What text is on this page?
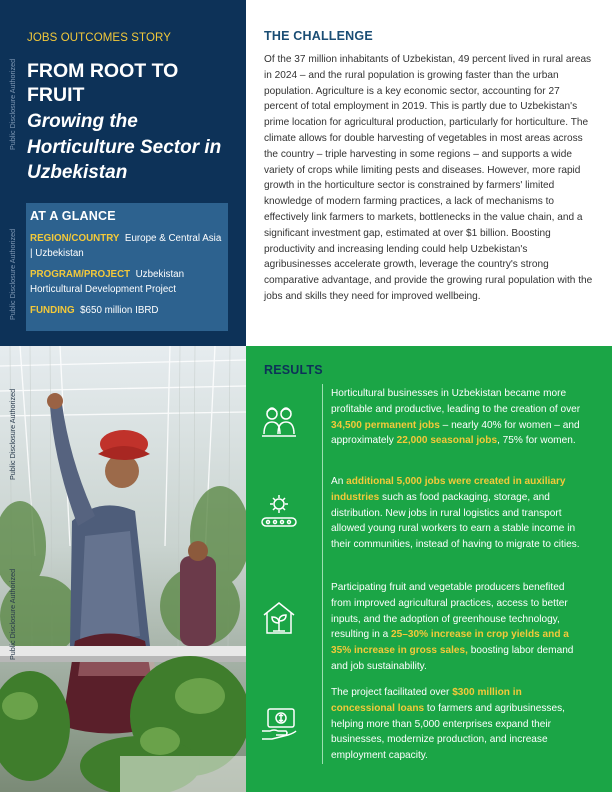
Public Disclosure Authorized
Public Disclosure Authorized
JOBS OUTCOMES STORY
FROM ROOT TO FRUIT
Growing the Horticulture Sector in Uzbekistan
AT A GLANCE

REGION/COUNTRY Europe & Central Asia | Uzbekistan

PROGRAM/PROJECT Uzbekistan Horticultural Development Project

FUNDING $650 million IBRD

THE CHALLENGE

Of the 37 million inhabitants of Uzbekistan, 49 percent lived in rural areas in 2024 – and the rural population is growing faster than the urban population. Agriculture is a key economic sector, accounting for 27 percent of total employment in 2019. This is partly due to Uzbekistan's prime location for agricultural production, particularly for horticulture. The climate allows for double harvesting of vegetables in most areas across the country – triple harvesting in some regions – and supports a wide variety of crops while limiting pests and diseases. However, more rapid growth in the horticulture sector is constrained by farmers' limited knowledge of modern farming practices, a lack of mechanisms to effectively link farmers to markets, bottlenecks in the value chain, and a significant investment gap, estimated at over $1 billion. Boosting productivity and increasing lending could help Uzbekistan's agribusinesses accelerate growth, leverage the country's strong comparative advantage, and provide the growing rural population with the jobs and skills they need for improved wellbeing.

Public Disclosure Authorized
Public Disclosure Authorized
RESULTS
Horticultural businesses in Uzbekistan became more profitable and productive, leading to the creation of over 34,500 permanent jobs – nearly 40% for women – and approximately 22,000 seasonal jobs, 75% for women.
An additional 5,000 jobs were created in auxiliary industries such as food packaging, storage, and distribution. New jobs in rural logistics and transport allowed young rural workers to earn a stable income in their communities, instead of having to migrate to cities.
Participating fruit and vegetable producers benefited from improved agricultural practices, access to better inputs, and the adoption of greenhouse technology, resulting in a 25–30% increase in crop yields and a 35% increase in gross sales, boosting labor demand and job sustainability.
The project facilitated over $300 million in concessional loans to farmers and agribusinesses, helping more than 5,000 enterprises expand their businesses, modernize production, and increase employment capacity.
